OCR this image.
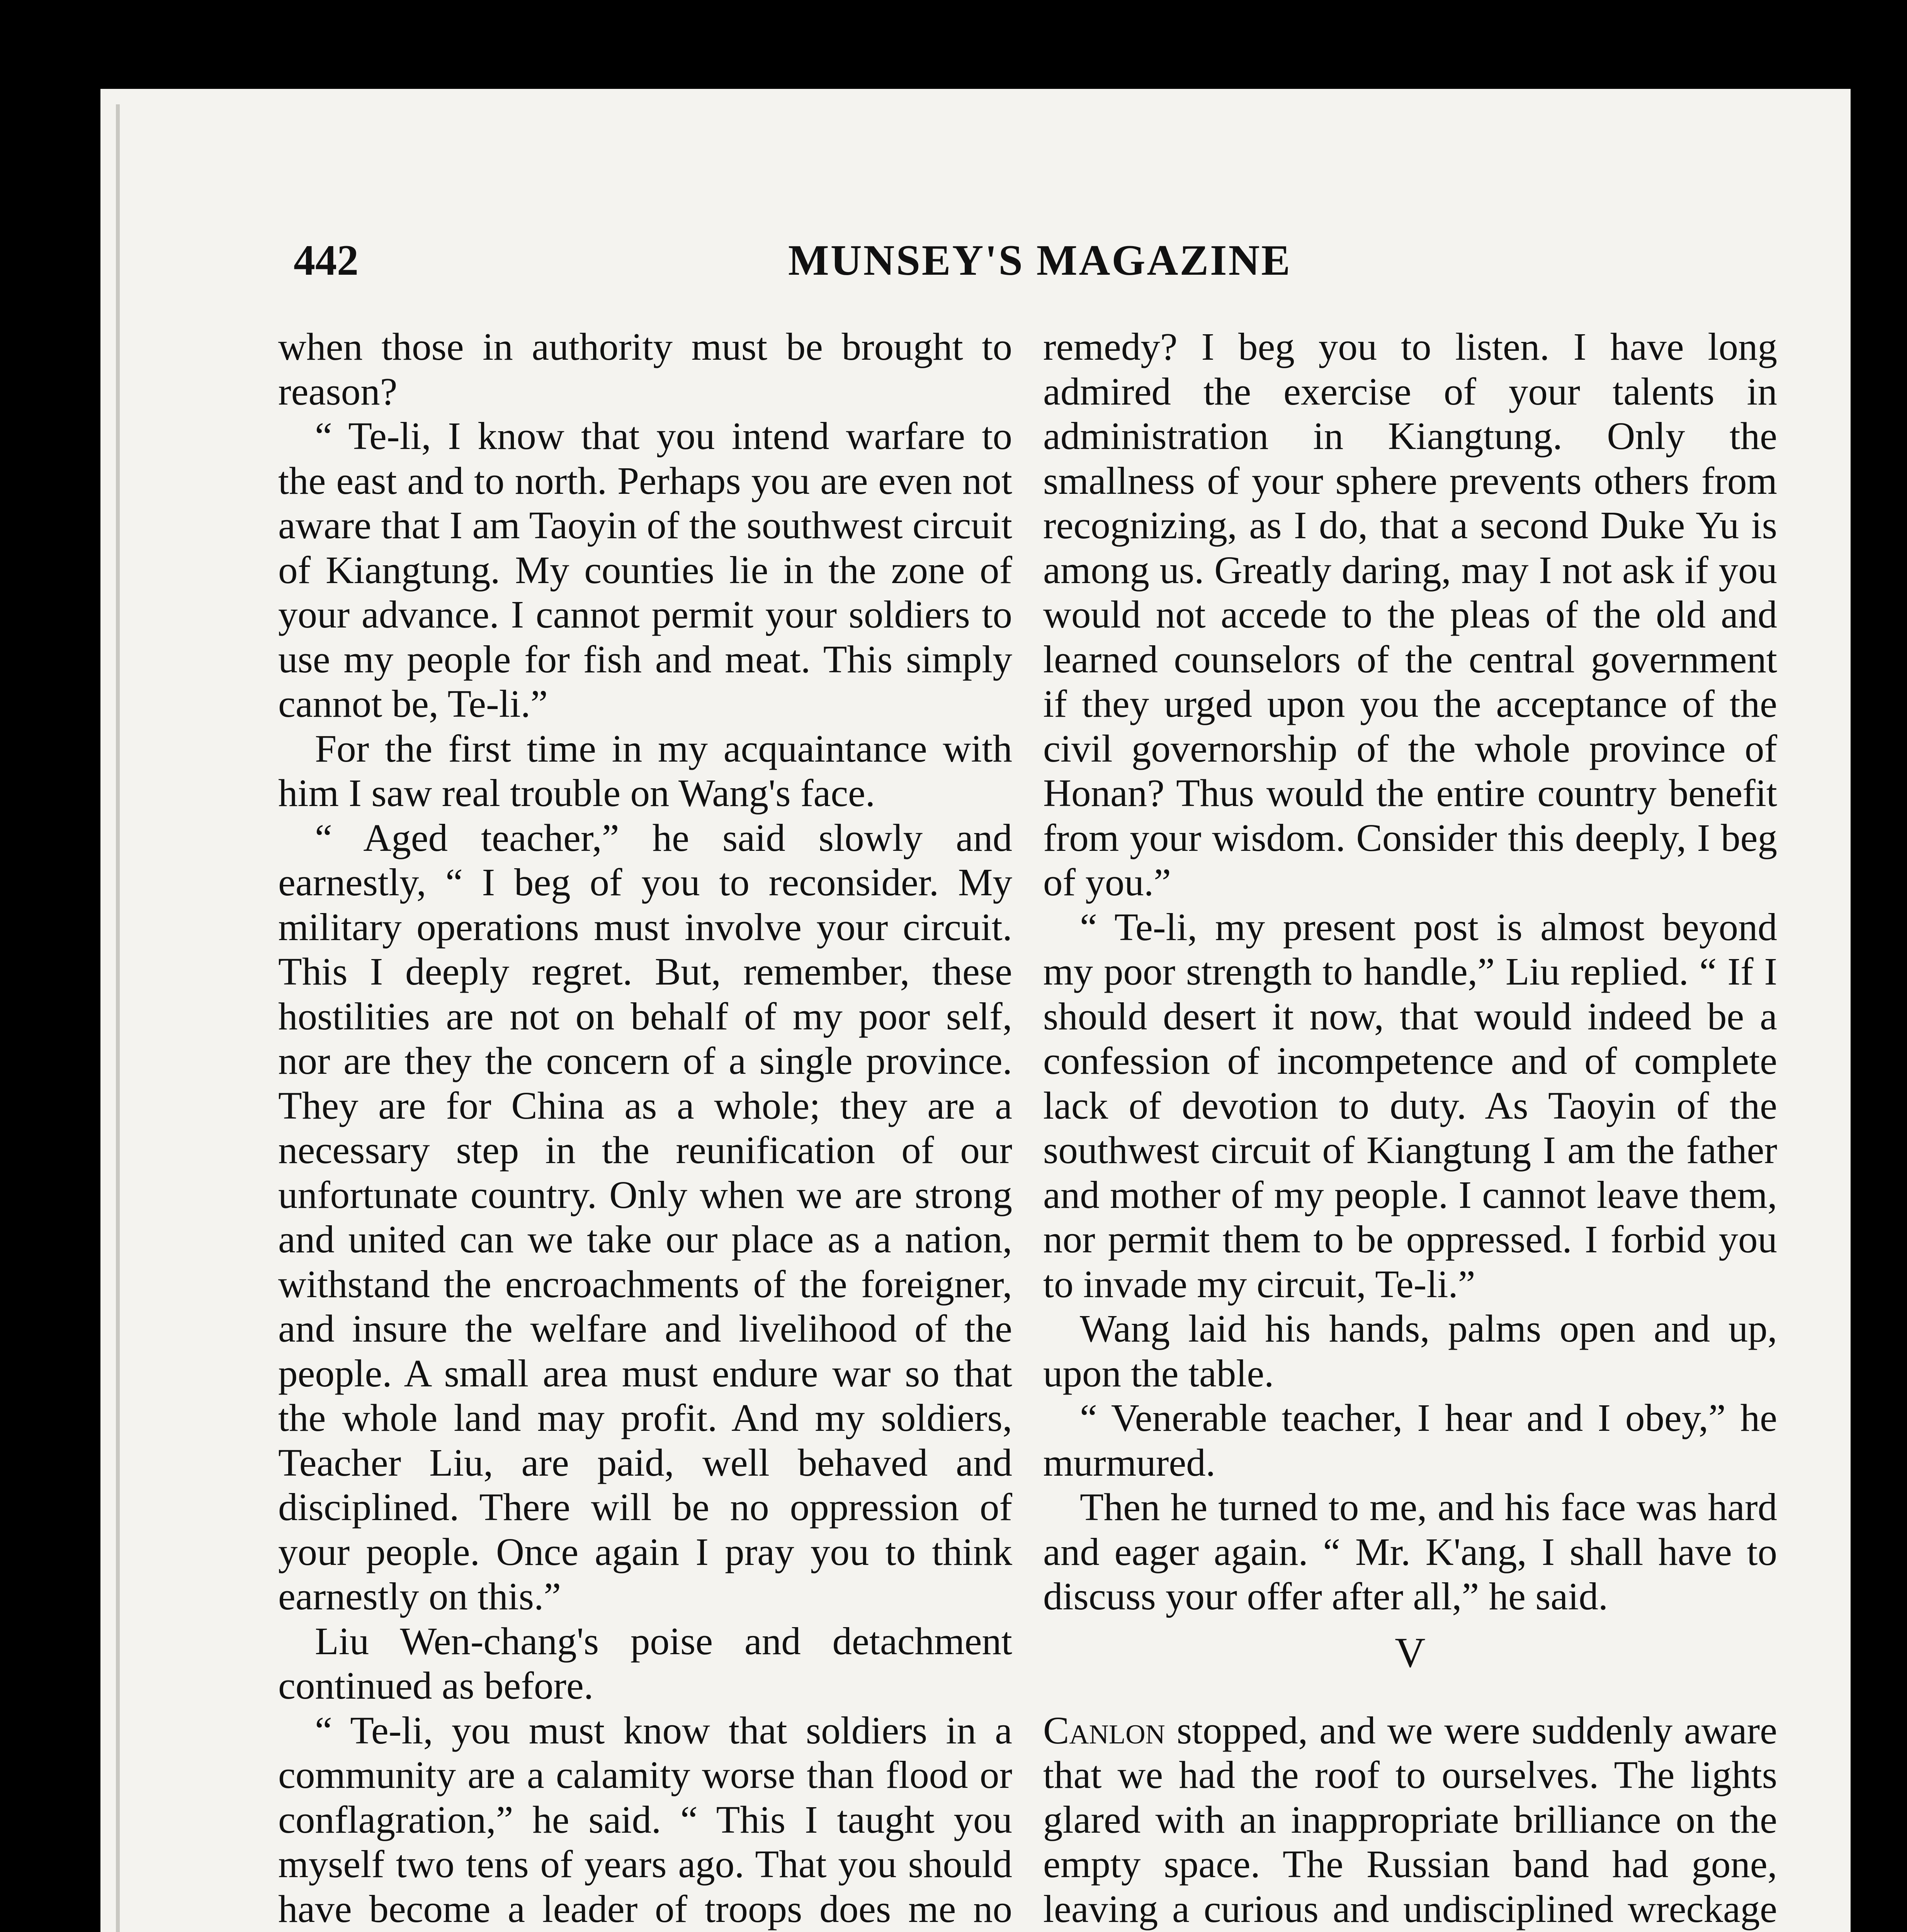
442	MUNSEY'S MAGAZINE

when those in authority must be brought to reason?

“ Te-li, I know that you intend warfare to the east and to north. Perhaps you are even not aware that I am Taoyin of the southwest circuit of Kiangtung. My counties lie in the zone of your advance. I cannot permit your soldiers to use my people for fish and meat. This simply cannot be, Te-li.”

For the first time in my acquaintance with him I saw real trouble on Wang's face.

“ Aged teacher,” he said slowly and earnestly, “ I beg of you to reconsider. My military operations must involve your circuit. This I deeply regret. But, remember, these hostilities are not on behalf of my poor self, nor are they the concern of a single province. They are for China as a whole; they are a necessary step in the reunification of our unfortunate country. Only when we are strong and united can we take our place as a nation, withstand the encroachments of the foreigner, and insure the welfare and livelihood of the people. A small area must endure war so that the whole land may profit. And my soldiers, Teacher Liu, are paid, well behaved and disciplined. There will be no oppression of your people. Once again I pray you to think earnestly on this.”

Liu Wen-chang's poise and detachment continued as before.

“ Te-li, you must know that soldiers in a community are a calamity worse than flood or conflagration,” he said. “ This I taught you myself two tens of years ago. That you should have become a leader of troops does me no

remedy? I beg you to listen. I have long admired the exercise of your talents in administration in Kiangtung. Only the smallness of your sphere prevents others from recognizing, as I do, that a second Duke Yu is among us. Greatly daring, may I not ask if you would not accede to the pleas of the old and learned counselors of the central government if they urged upon you the acceptance of the civil governorship of the whole province of Honan? Thus would the entire country benefit from your wisdom. Consider this deeply, I beg of you.”

“ Te-li, my present post is almost beyond my poor strength to handle,” Liu replied. “ If I should desert it now, that would indeed be a confession of incompetence and of complete lack of devotion to duty. As Taoyin of the southwest circuit of Kiangtung I am the father and mother of my people. I cannot leave them, nor permit them to be oppressed. I forbid you to invade my circuit, Te-li.”

Wang laid his hands, palms open and up, upon the table.

“ Venerable teacher, I hear and I obey,” he murmured.

Then he turned to me, and his face was hard and eager again. “ Mr. K'ang, I shall have to discuss your offer after all,” he said.

V

Canlon stopped, and we were suddenly aware that we had the roof to ourselves. The lights glared with an inappropriate brilliance on the empty space. The Russian band had gone, leaving a curious and undisciplined wreckage
